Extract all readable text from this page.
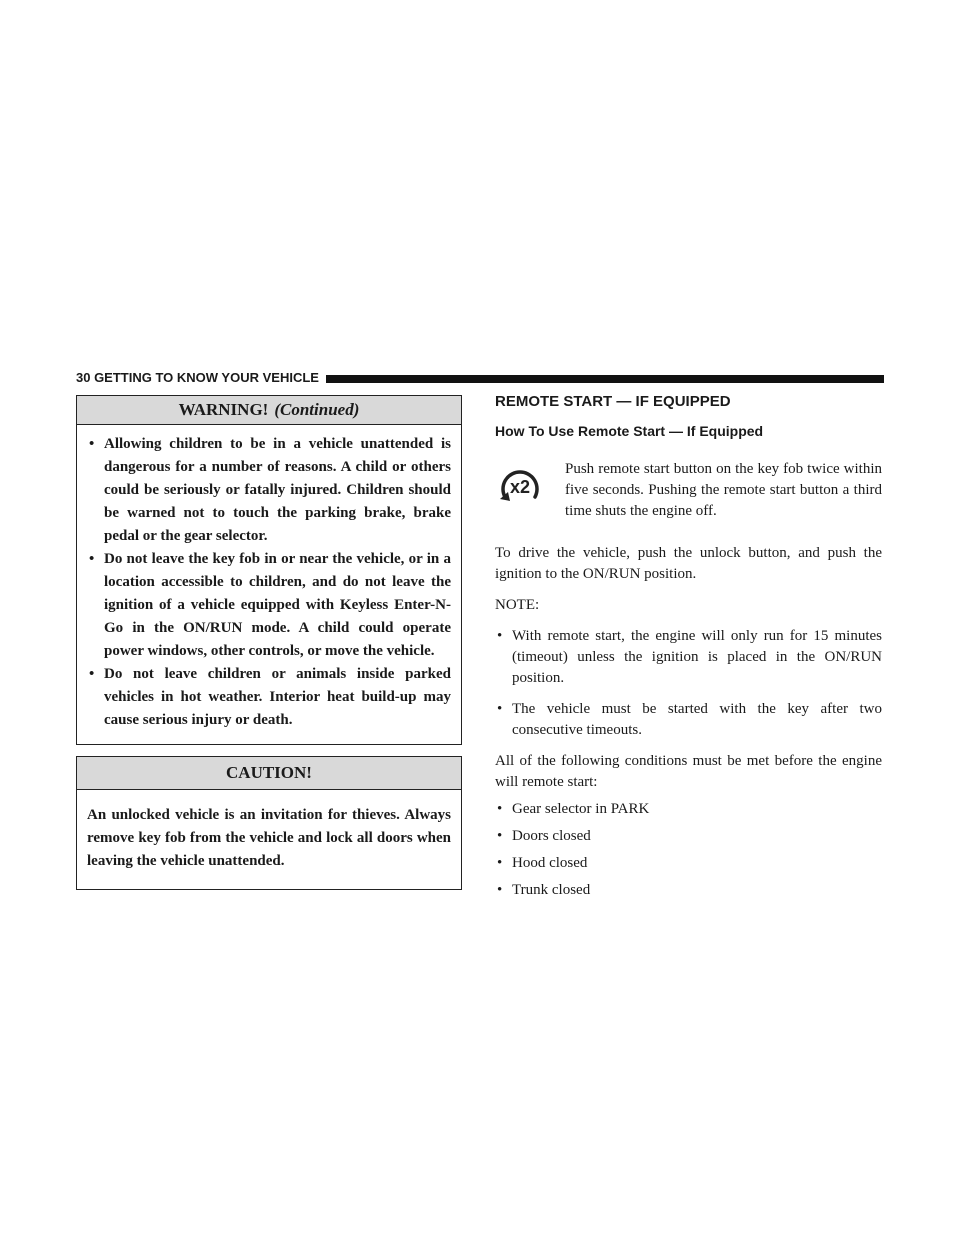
30 GETTING TO KNOW YOUR VEHICLE
WARNING! (Continued)
• Allowing children to be in a vehicle unattended is dangerous for a number of reasons. A child or others could be seriously or fatally injured. Children should be warned not to touch the parking brake, brake pedal or the gear selector.
• Do not leave the key fob in or near the vehicle, or in a location accessible to children, and do not leave the ignition of a vehicle equipped with Keyless Enter-N-Go in the ON/RUN mode. A child could operate power windows, other controls, or move the vehicle.
• Do not leave children or animals inside parked vehicles in hot weather. Interior heat build-up may cause serious injury or death.
CAUTION!
An unlocked vehicle is an invitation for thieves. Always remove key fob from the vehicle and lock all doors when leaving the vehicle unattended.
REMOTE START — IF EQUIPPED
How To Use Remote Start — If Equipped
x2

Push remote start button on the key fob twice within five seconds. Pushing the remote start button a third time shuts the engine off.

To drive the vehicle, push the unlock button, and push the ignition to the ON/RUN position.

NOTE:
• With remote start, the engine will only run for 15 minutes (timeout) unless the ignition is placed in the ON/RUN position.
• The vehicle must be started with the key after two consecutive timeouts.

All of the following conditions must be met before the engine will remote start:

• Gear selector in PARK
• Doors closed
• Hood closed
• Trunk closed
